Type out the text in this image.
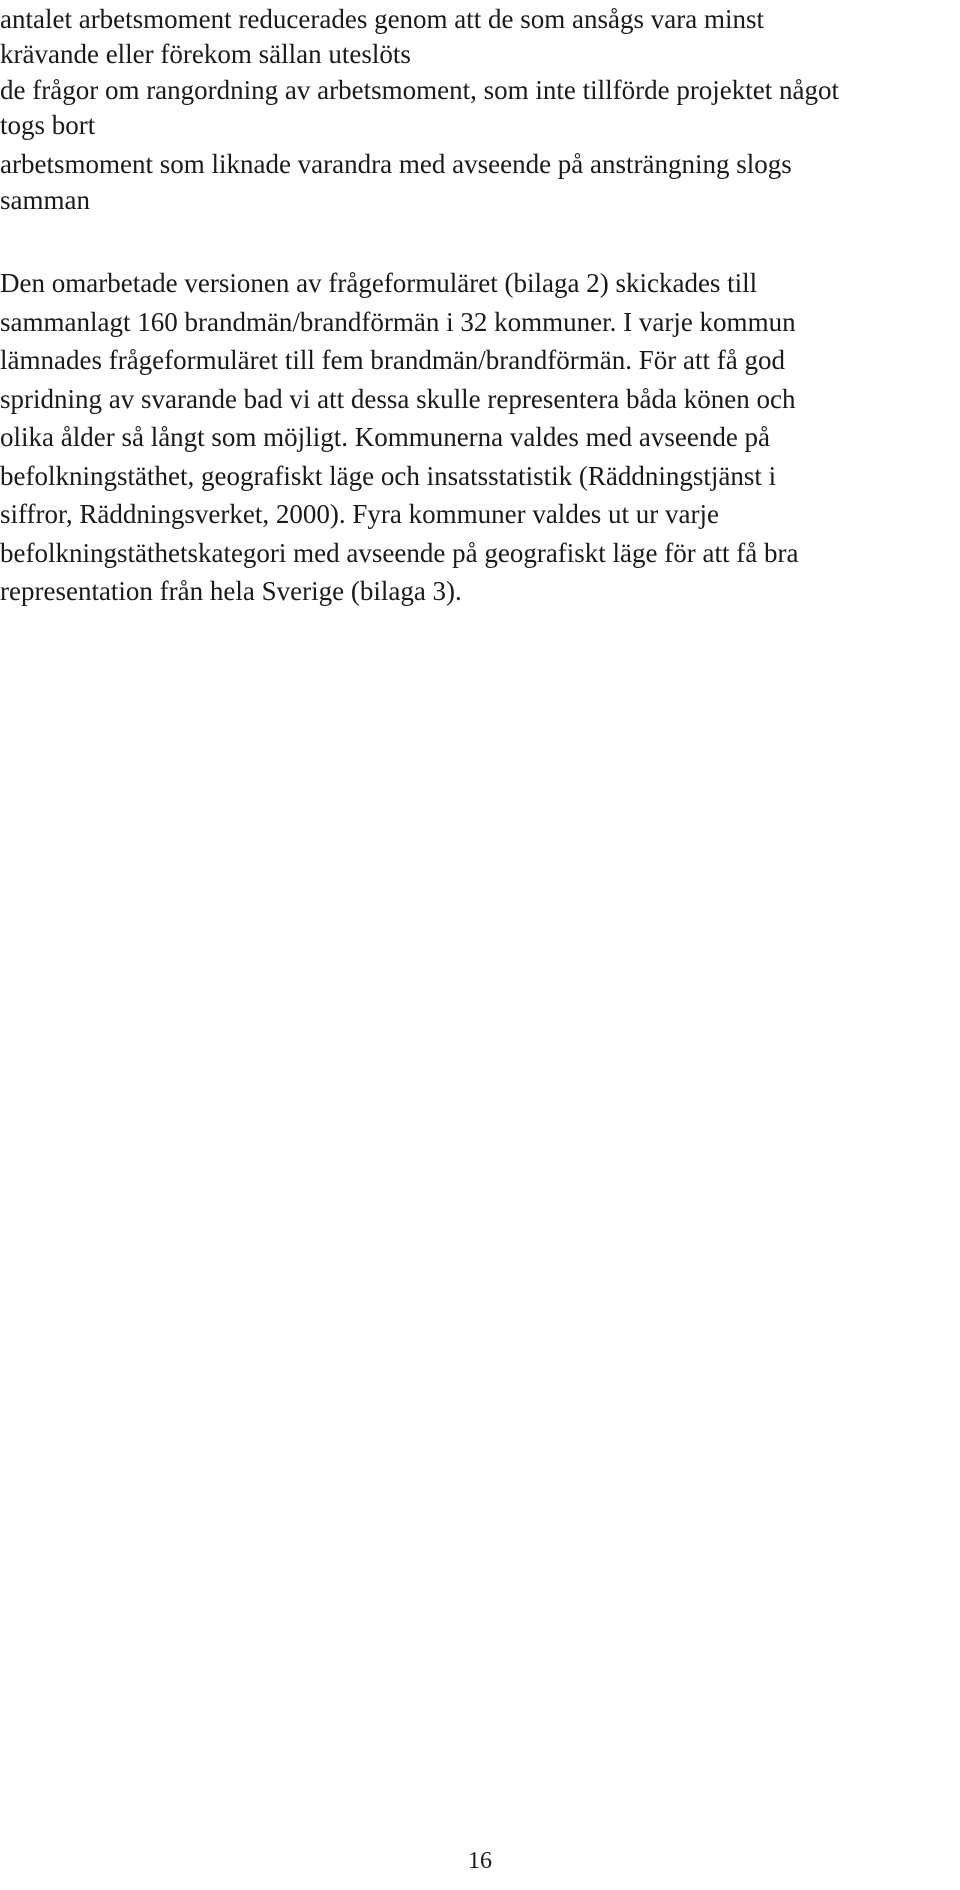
antalet arbetsmoment reducerades genom att de som ansågs vara minst
krävande eller förekom sällan uteslöts
de frågor om rangordning av arbetsmoment, som inte tillförde projektet något
togs bort
arbetsmoment som liknade varandra med avseende på ansträngning slogs
samman
Den omarbetade versionen av frågeformuläret (bilaga 2) skickades till
sammanlagt 160 brandmän/brandförmän i 32 kommuner. I varje kommun
lämnades frågeformuläret till fem brandmän/brandförmän. För att få god
spridning av svarande bad vi att dessa skulle representera båda könen och
olika ålder så långt som möjligt. Kommunerna valdes med avseende på
befolkningstäthet, geografiskt läge och insatsstatistik (Räddningstjänst i
siffror, Räddningsverket, 2000). Fyra kommuner valdes ut ur varje
befolkningstäthetskategori med avseende på geografiskt läge för att få bra
representation från hela Sverige (bilaga 3).
16
